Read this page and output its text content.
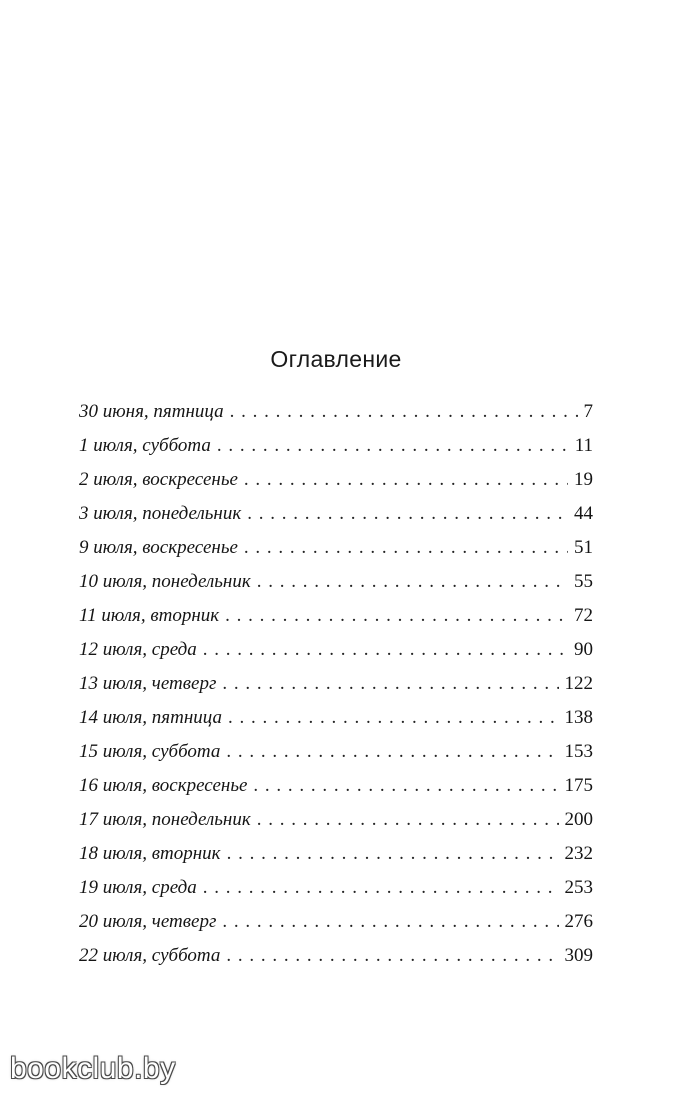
Оглавление
30 июня, пятница . . .	7
1 июля, суббота . . .	11
2 июля, воскресенье . . .	19
3 июля, понедельник . . .	44
9 июля, воскресенье . . .	51
10 июля, понедельник . . .	55
11 июля, вторник . . .	72
12 июля, среда . . .	90
13 июля, четверг . . .	122
14 июля, пятница . . .	138
15 июля, суббота . . .	153
16 июля, воскресенье . . .	175
17 июля, понедельник . . .	200
18 июля, вторник . . .	232
19 июля, среда . . .	253
20 июля, четверг . . .	276
22 июля, суббота . . .	309
bookclub.by
